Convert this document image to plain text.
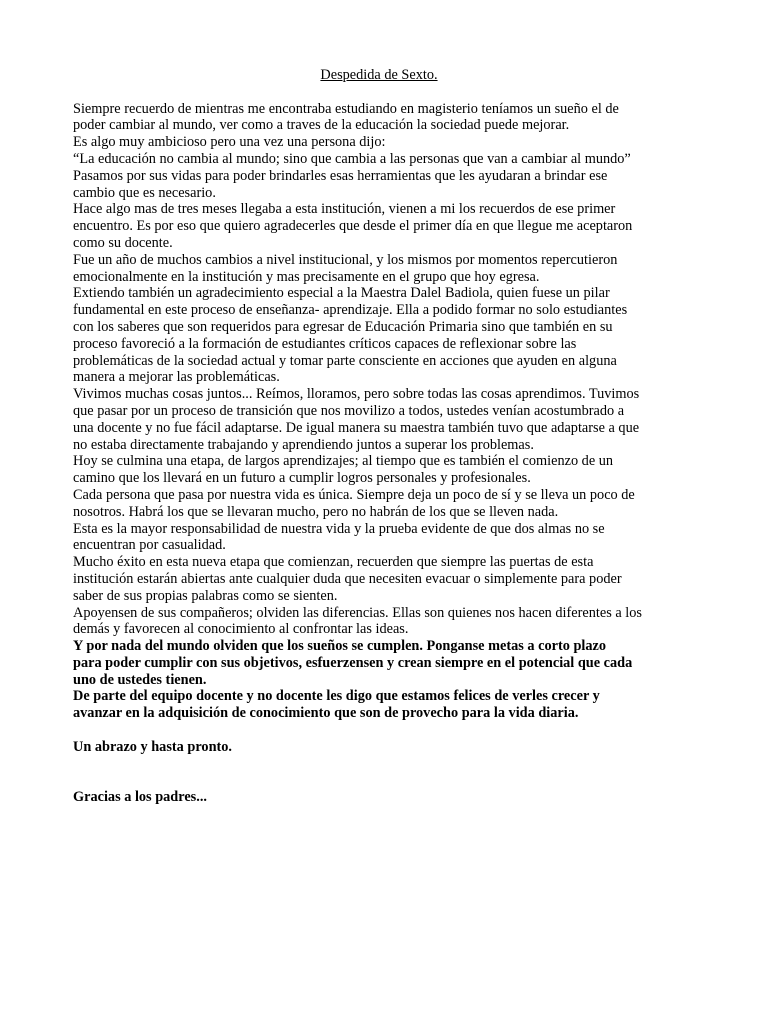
Despedida de Sexto.

Siempre recuerdo de mientras me encontraba estudiando en magisterio teníamos un sueño el de
poder cambiar al mundo, ver como a traves de la educación la sociedad puede mejorar.

Es algo muy ambicioso pero una vez una persona dijo:

“La educación no cambia al mundo; sino que cambia a las personas que van a cambiar al mundo”

Pasamos por sus vidas para poder brindarles esas herramientas que les ayudaran a brindar ese
cambio que es necesario.

Hace algo mas de tres meses llegaba a esta institución, vienen a mi los recuerdos de ese primer
encuentro. Es por eso que quiero agradecerles que desde el primer día en que llegue me aceptaron
como su docente.

Fue un año de muchos cambios a nivel institucional, y los mismos por momentos repercutieron
emocionalmente en la institución y mas precisamente en el grupo que hoy egresa.

Extiendo también un agradecimiento especial a la Maestra Dalel Badiola, quien fuese un pilar
fundamental en este proceso de enseñanza- aprendizaje. Ella a podido formar no solo estudiantes
con los saberes que son requeridos para egresar de Educación Primaria sino que también en su
proceso favoreció a la formación de estudiantes críticos capaces de reflexionar sobre las
problemáticas de la sociedad actual y tomar parte consciente en acciones que ayuden en alguna
manera a mejorar las problemáticas.

Vivimos muchas cosas juntos... Reímos, lloramos, pero sobre todas las cosas aprendimos. Tuvimos
que pasar por un proceso de transición que nos movilizo a todos, ustedes venían acostumbrado a
una docente y no fue fácil adaptarse. De igual manera su maestra también tuvo que adaptarse a que
no estaba directamente trabajando y aprendiendo juntos a superar los problemas.

Hoy se culmina una etapa, de largos aprendizajes; al tiempo que es también el comienzo de un
camino que los llevará en un futuro a cumplir logros personales y profesionales.

Cada persona que pasa por nuestra vida es única. Siempre deja un poco de sí y se lleva un poco de
nosotros. Habrá los que se llevaran mucho, pero no habrán de los que se lleven nada.

Esta es la mayor responsabilidad de nuestra vida y la prueba evidente de que dos almas no se
encuentran por casualidad.

Mucho éxito en esta nueva etapa que comienzan, recuerden que siempre las puertas de esta
institución estarán abiertas ante cualquier duda que necesiten evacuar o simplemente para poder
saber de sus propias palabras como se sienten.

Apoyensen de sus compañeros; olviden las diferencias. Ellas son quienes nos hacen diferentes a los
demás y favorecen al conocimiento al confrontar las ideas.

Y por nada del mundo olviden que los sueños se cumplen. Ponganse metas a corto plazo
para poder cumplir con sus objetivos, esfuerzensen y crean siempre en el potencial que cada
uno de ustedes tienen.

De parte del equipo docente y no docente les digo que estamos felices de verles crecer y
avanzar en la adquisición de conocimiento que son de provecho para la vida diaria.

Un abrazo y hasta pronto.

Gracias a los padres...
